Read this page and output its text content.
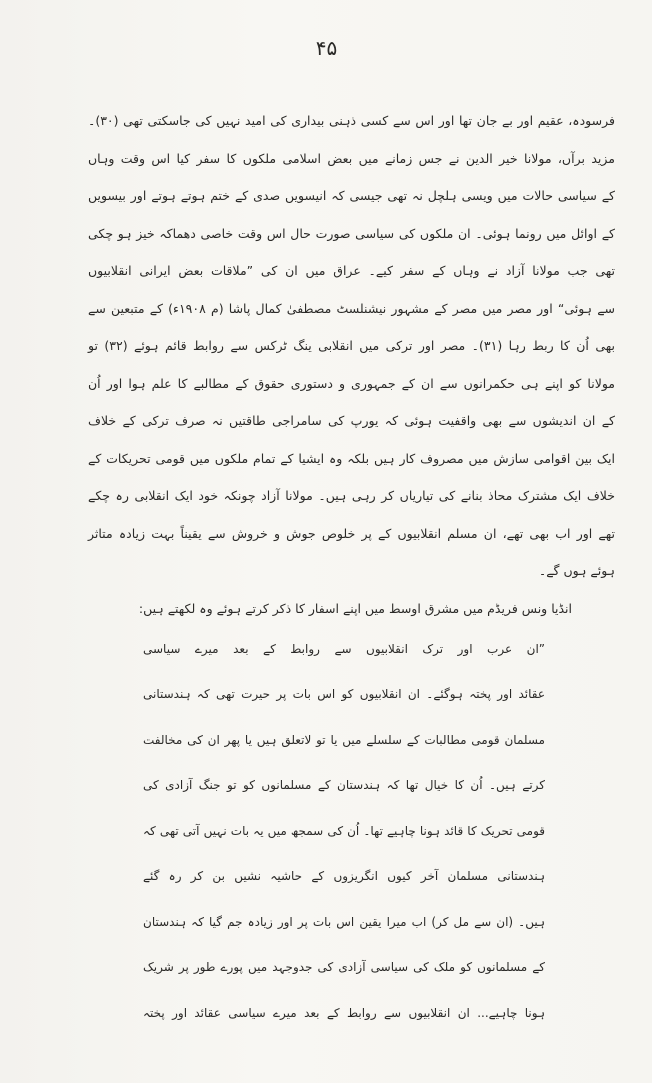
۴۵
فرسودہ، عقیم اور بے جان تھا اور اس سے کسی ذہنی بیداری کی امید نہیں کی جاسکتی تھی (۳۰)۔
مزید برآں، مولانا خیر الدین نے جس زمانے میں بعض اسلامی ملکوں کا سفر کیا اس وقت وہاں
کے سیاسی حالات میں ویسی ہلچل نہ تھی جیسی کہ انیسویں صدی کے ختم ہوتے ہوتے اور بیسویں
کے اوائل میں رونما ہوئی۔ ان ملکوں کی سیاسی صورت حال اس وقت خاصی دھماکہ خیز ہو چکی
تھی جب مولانا آزاد نے وہاں کے سفر کیے۔ عراق میں ان کی ”ملاقات بعض ایرانی انقلابیوں
سے ہوئی“ اور مصر میں مصر کے مشہور نیشنلسٹ مصطفیٰ کمال پاشا (م ۱۹۰۸ء) کے متبعین سے
بھی اُن کا ربط رہا (۳۱)۔ مصر اور ترکی میں انقلابی ینگ ٹرکس سے روابط قائم ہوئے (۳۲) تو
مولانا کو اپنے ہی حکمرانوں سے ان کے جمہوری و دستوری حقوق کے مطالبے کا علم ہوا اور اُن
کے ان اندیشوں سے بھی واقفیت ہوئی کہ یورپ کی سامراجی طاقتیں نہ صرف ترکی کے خلاف
ایک بین اقوامی سازش میں مصروف کار ہیں بلکہ وہ ایشیا کے تمام ملکوں میں قومی تحریکات کے
خلاف ایک مشترک محاذ بنانے کی تیاریاں کر رہی ہیں۔ مولانا آزاد چونکہ خود ایک انقلابی رہ چکے
تھے اور اب بھی تھے، ان مسلم انقلابیوں کے پر خلوص جوش و خروش سے یقیناً بہت زیادہ متاثر
ہوئے ہوں گے۔
انڈیا ونس فریڈم میں مشرق اوسط میں اپنے اسفار کا ذکر کرتے ہوئے وہ لکھتے ہیں:
”ان عرب اور ترک انقلابیوں سے روابط کے بعد میرے سیاسی
عقائد اور پختہ ہوگئے۔ ان انقلابیوں کو اس بات پر حیرت تھی کہ ہندستانی
مسلمان قومی مطالبات کے سلسلے میں یا تو لاتعلق ہیں یا پھر ان کی مخالفت
کرتے ہیں۔ اُن کا خیال تھا کہ ہندستان کے مسلمانوں کو تو جنگ آزادی کی
قومی تحریک کا قائد ہونا چاہیے تھا۔ اُن کی سمجھ میں یہ بات نہیں آتی تھی کہ
ہندستانی مسلمان آخر کیوں انگریزوں کے حاشیہ نشیں بن کر رہ گئے
ہیں۔ (ان سے مل کر) اب میرا یقین اس بات پر اور زیادہ جم گیا کہ ہندستان
کے مسلمانوں کو ملک کی سیاسی آزادی کی جدوجہد میں پورے طور پر شریک
ہونا چاہیے... ان انقلابیوں سے روابط کے بعد میرے سیاسی عقائد اور پختہ
